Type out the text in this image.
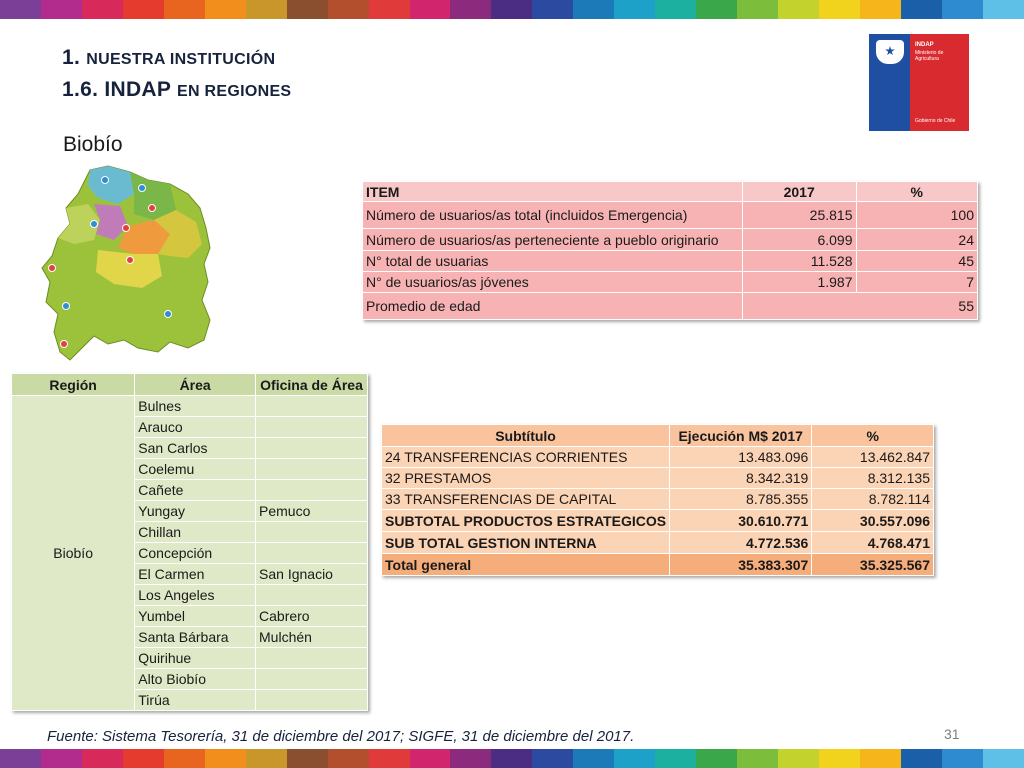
1. NUESTRA INSTITUCIÓN
1.6. INDAP EN REGIONES
Biobío
INDAP
Ministerio de Agricultura
Gobierno de Chile
ITEM	2017	%
Número de usuarios/as total (incluidos Emergencia)	25.815	100
Número de usuarios/as perteneciente a pueblo originario	6.099	24
N° total de usuarias	11.528	45
N° de usuarios/as jóvenes	1.987	7
Promedio de edad	55	
Región	Área	Oficina de Área
Biobío	Bulnes	
	Arauco	
	San Carlos	
	Coelemu	
	Cañete	
	Yungay	Pemuco
	Chillan	
	Concepción	
	El Carmen	San Ignacio
	Los Angeles	
	Yumbel	Cabrero
	Santa Bárbara	Mulchén
	Quirihue	
	Alto Biobío	
	Tirúa	
Subtítulo	Ejecución M$ 2017	%
24 TRANSFERENCIAS CORRIENTES	13.483.096	13.462.847
32 PRESTAMOS	8.342.319	8.312.135
33 TRANSFERENCIAS DE CAPITAL	8.785.355	8.782.114
SUBTOTAL PRODUCTOS ESTRATEGICOS	30.610.771	30.557.096
SUB TOTAL GESTION INTERNA	4.772.536	4.768.471
Total general	35.383.307	35.325.567
Fuente: Sistema Tesorería, 31 de diciembre del 2017; SIGFE, 31 de diciembre del 2017.	31
